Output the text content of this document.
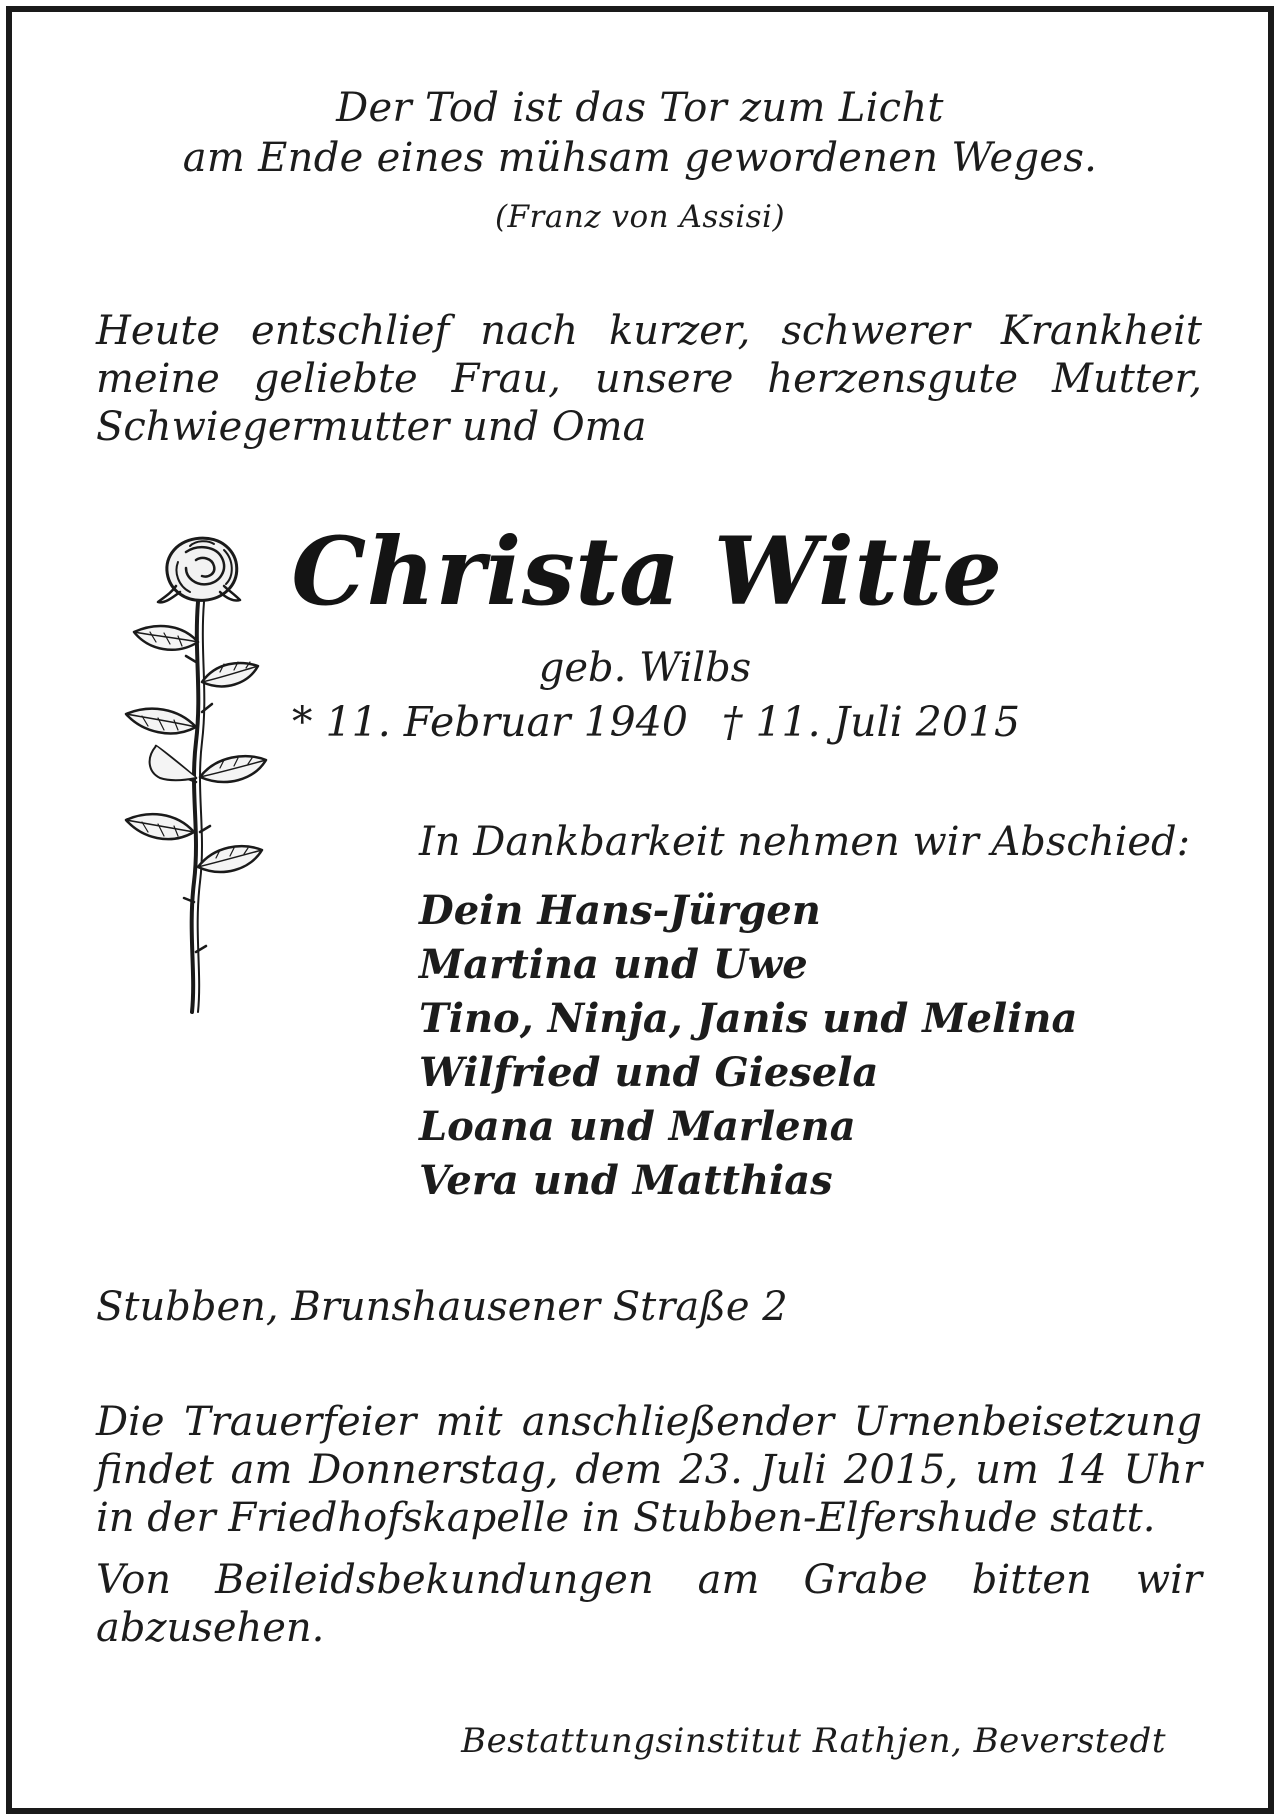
Der Tod ist das Tor zum Licht
am Ende eines mühsam gewordenen Weges.
(Franz von Assisi)
Heute entschlief nach kurzer, schwerer Krankheit
meine geliebte Frau, unsere herzensgute Mutter,
Schwiegermutter und Oma
Christa Witte
geb. Wilbs
* 11. Februar 1940 † 11. Juli 2015
In Dankbarkeit nehmen wir Abschied:
Dein Hans-Jürgen
Martina und Uwe
Tino, Ninja, Janis und Melina
Wilfried und Giesela
Loana und Marlena
Vera und Matthias
Stubben, Brunshausener Straße 2
Die Trauerfeier mit anschließender Urnenbeisetzung
findet am Donnerstag, dem 23. Juli 2015, um 14 Uhr
in der Friedhofskapelle in Stubben-Elfershude statt.
Von Beileidsbekundungen am Grabe bitten wir
abzusehen.
Bestattungsinstitut Rathjen, Beverstedt
